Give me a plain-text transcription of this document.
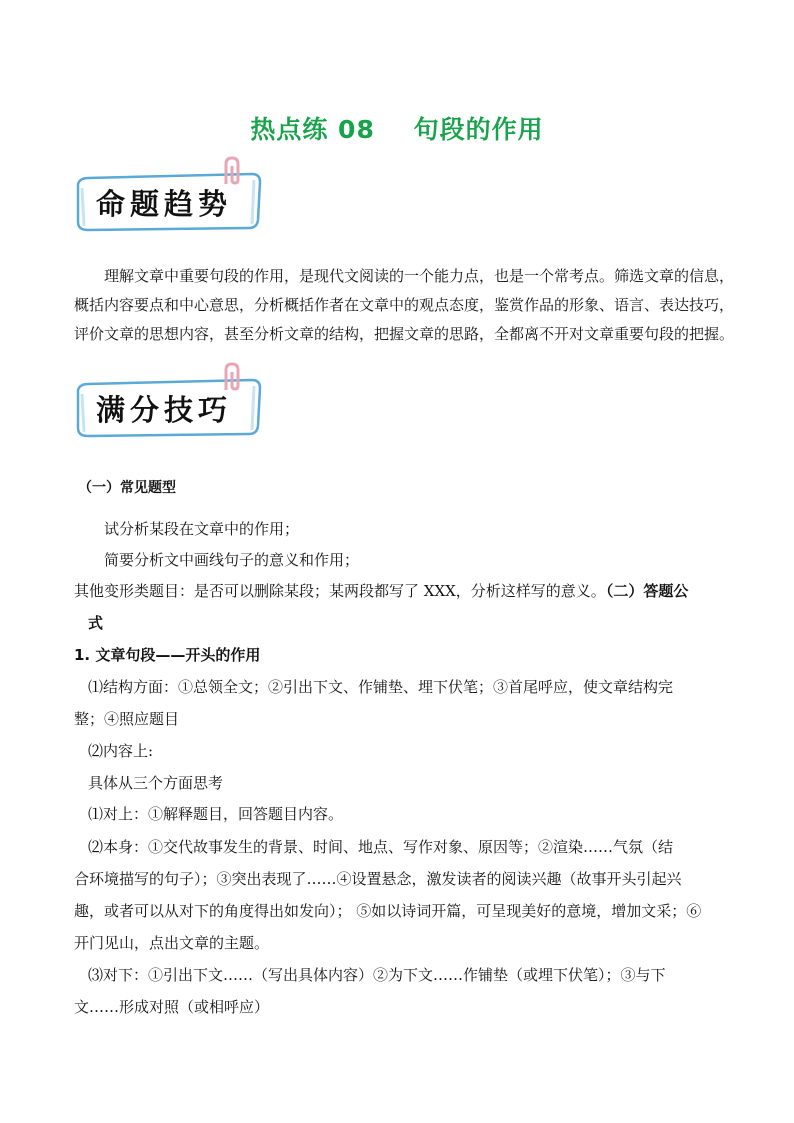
热点练 08    句段的作用
命题趋势
理解文章中重要句段的作用，是现代文阅读的一个能力点，也是一个常考点。筛选文章的信息，概括内容要点和中心意思，分析概括作者在文章中的观点态度，鉴赏作品的形象、语言、表达技巧，评价文章的思想内容，甚至分析文章的结构，把握文章的思路，全都离不开对文章重要句段的把握。
满分技巧
（一）常见题型
试分析某段在文章中的作用；
简要分析文中画线句子的意义和作用；
其他变形类题目：是否可以删除某段；某两段都写了 XXX，分析这样写的意义。（二）答题公
式
1. 文章句段——开头的作用
⑴结构方面：①总领全文；②引出下文、作铺垫、埋下伏笔；③首尾呼应，使文章结构完
整；④照应题目
⑵内容上:
具体从三个方面思考
⑴对上：①解释题目，回答题目内容。
⑵本身：①交代故事发生的背景、时间、地点、写作对象、原因等；②渲染……气氛（结
合环境描写的句子）；③突出表现了……④设置悬念，激发读者的阅读兴趣（故事开头引起兴
趣，或者可以从对下的角度得出如发向）； ⑤如以诗词开篇，可呈现美好的意境，增加文采；⑥
开门见山，点出文章的主题。
⑶对下：①引出下文……（写出具体内容）②为下文……作铺垫（或埋下伏笔）；③与下
文……形成对照（或相呼应）
